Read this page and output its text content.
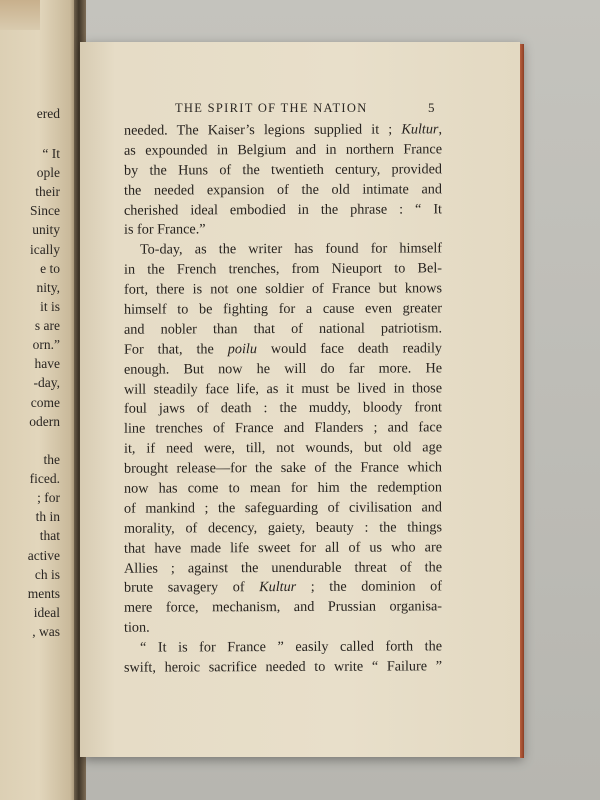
ered
“ It
ople
their
Since
unity
ically
e to
nity,
it is
s are
orn.”
have
-day,
come
odern
the
ficed.
; for
th in
that
active
ch is
ments
ideal
, was
THE SPIRIT OF THE NATION	5
needed. The Kaiser’s legions supplied it ; Kultur,
as expounded in Belgium and in northern France
by the Huns of the twentieth century, provided
the needed expansion of the old intimate and
cherished ideal embodied in the phrase : “ It
is for France.”
To-day, as the writer has found for himself
in the French trenches, from Nieuport to Bel-
fort, there is not one soldier of France but knows
himself to be fighting for a cause even greater
and nobler than that of national patriotism.
For that, the poilu would face death readily
enough. But now he will do far more. He
will steadily face life, as it must be lived in those
foul jaws of death : the muddy, bloody front
line trenches of France and Flanders ; and face
it, if need were, till, not wounds, but old age
brought release—for the sake of the France which
now has come to mean for him the redemption
of mankind ; the safeguarding of civilisation and
morality, of decency, gaiety, beauty : the things
that have made life sweet for all of us who are
Allies ; against the unendurable threat of the
brute savagery of Kultur ; the dominion of
mere force, mechanism, and Prussian organisa-
tion.
“ It is for France ” easily called forth the
swift, heroic sacrifice needed to write “ Failure ”
